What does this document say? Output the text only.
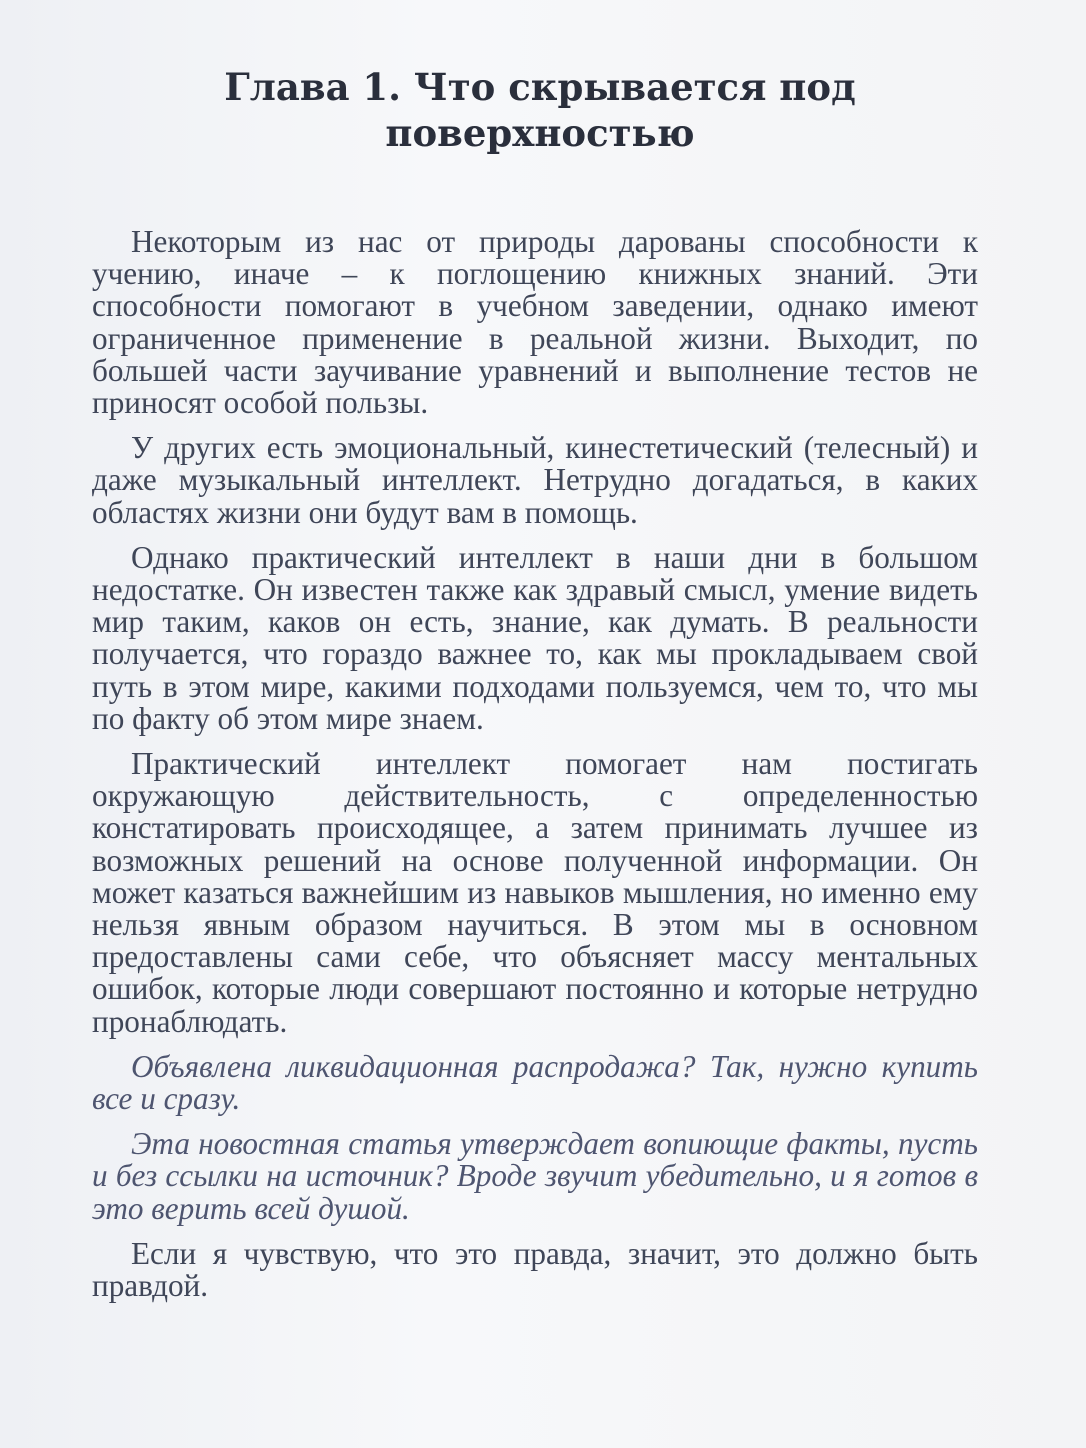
Глава 1. Что скрывается под
поверхностью

Некоторым из нас от природы дарованы способности к учению, иначе – к поглощению книжных знаний. Эти способности помогают в учебном заведении, однако имеют ограниченное применение в реальной жизни. Выходит, по большей части заучивание уравнений и выполнение тестов не приносят особой пользы.

У других есть эмоциональный, кинестетический (телесный) и даже музыкальный интеллект. Нетрудно догадаться, в каких областях жизни они будут вам в помощь.

Однако практический интеллект в наши дни в большом недостатке. Он известен также как здравый смысл, умение видеть мир таким, каков он есть, знание, как думать. В реальности получается, что гораздо важнее то, как мы прокладываем свой путь в этом мире, какими подходами пользуемся, чем то, что мы по факту об этом мире знаем.

Практический интеллект помогает нам постигать окружающую действительность, с определенностью констатировать происходящее, а затем принимать лучшее из возможных решений на основе полученной информации. Он может казаться важнейшим из навыков мышления, но именно ему нельзя явным образом научиться. В этом мы в основном предоставлены сами себе, что объясняет массу ментальных ошибок, которые люди совершают постоянно и которые нетрудно пронаблюдать.

Объявлена ликвидационная распродажа? Так, нужно купить все и сразу.

Эта новостная статья утверждает вопиющие факты, пусть и без ссылки на источник? Вроде звучит убедительно, и я готов в это верить всей душой.

Если я чувствую, что это правда, значит, это должно быть правдой.
